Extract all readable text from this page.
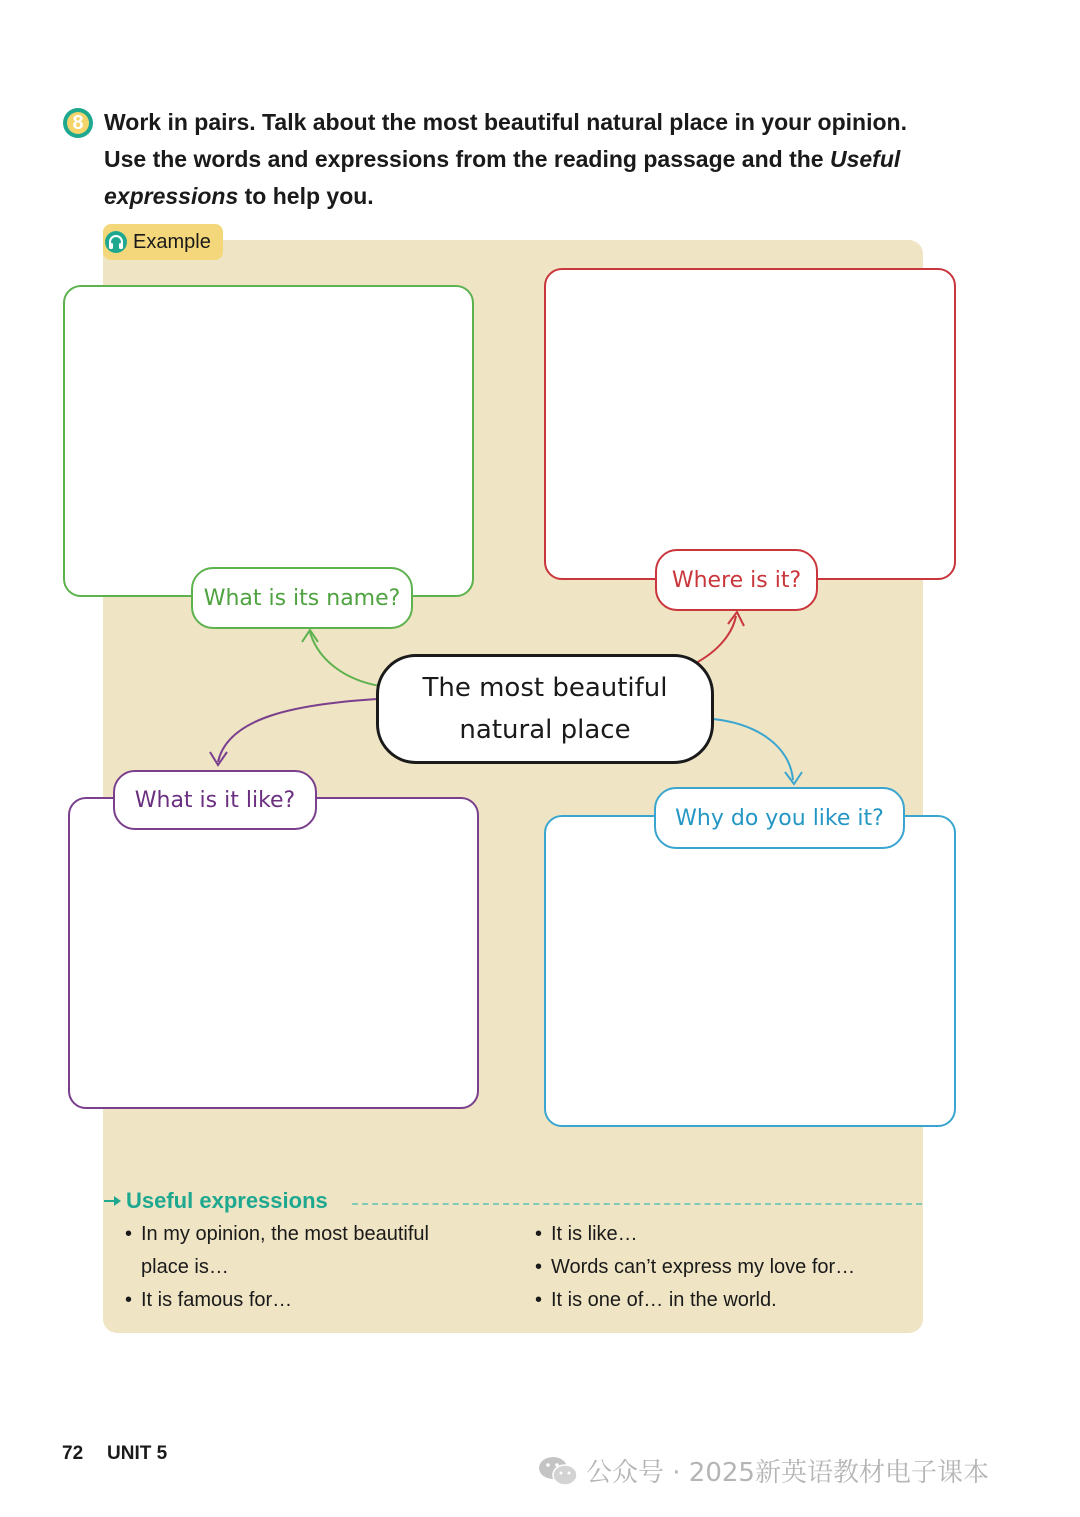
8 Work in pairs. Talk about the most beautiful natural place in your opinion.

Use the words and expressions from the reading passage and the Useful

expressions to help you.

Example
What is its name?
Where is it?
What is it like?
Why do you like it?
The most beautiful
natural place
Useful expressions
• In my opinion, the most beautiful place is…
• It is famous for…
• It is like…
• Words can’t express my love for…
• It is one of… in the world.
72 UNIT 5
公众号 · 2025新英语教材电子课本
